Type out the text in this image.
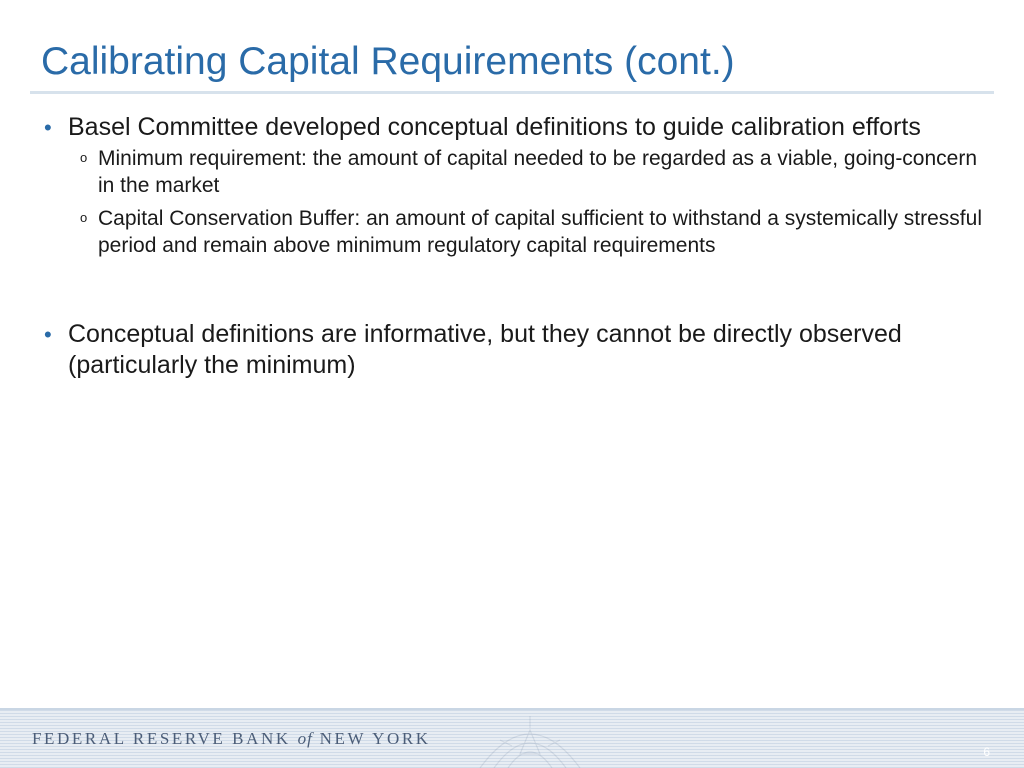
Calibrating Capital Requirements (cont.)
• Basel Committee developed conceptual definitions to guide calibration efforts
o Minimum requirement: the amount of capital needed to be regarded as a viable, going-concern in the market
o Capital Conservation Buffer: an amount of capital sufficient to withstand a systemically stressful period and remain above minimum regulatory capital requirements
• Conceptual definitions are informative, but they cannot be directly observed (particularly the minimum)
FEDERAL RESERVE BANK of NEW YORK
6
